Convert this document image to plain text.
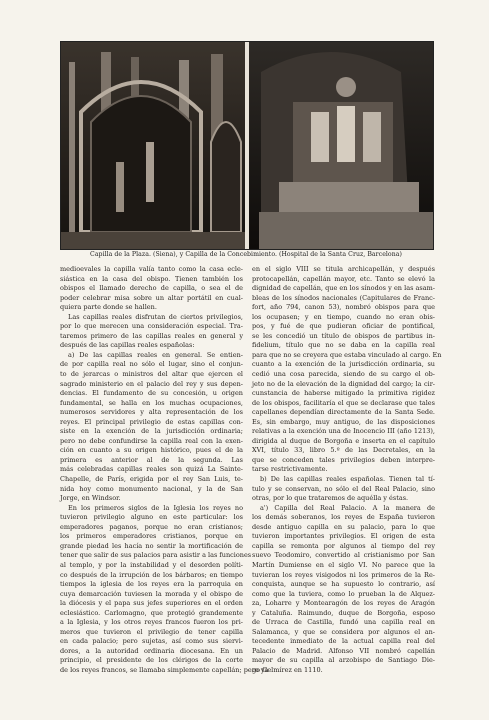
Capilla de la Plaza. (Siena), y Capilla de la Concebimiento. (Hospital de la Santa Cruz, Barcelona)

medioevales la capilla valía tanto como la casa ecle-
siástica en la casa del obispo. Tienen también los
obispos el llamado derecho de capilla, o sea el de
poder celebrar misa sobre un altar portátil en cual-
quiera parte donde se hallen.

Las capillas reales disfrutan de ciertos privilegios,
por lo que merecen una consideración especial. Tra-
taremos primero de las capillas reales en general y
después de las capillas reales españolas:

a) De las capillas reales en general. Se entien-
de por capilla real no sólo el lugar, sino el conjun-
to de jerarcas o ministros del altar que ejercen el
sagrado ministerio en el palacio del rey y sus depen-
dencias. El fundamento de su concesión, u origen
fundamental, se halla en los muchas ocupaciones,
numerosos servidores y alta representación de los
reyes. El principal privilegio de estas capillas con-
siste en la exención de la jurisdicción ordinaria;
pero no debe confundirse la capilla real con la exen-
ción en cuanto a su origen histórico, pues el de la
primera es anterior al de la segunda. Las
más celebradas capillas reales son quizá La Sainte-
Chapelle, de París, erigida por el rey San Luis, te-
nida hoy como monumento nacional, y la de San
Jorge, en Windsor.

En los primeros siglos de la Iglesia los reyes no
tuvieron privilegio alguno en este particular: los
emperadores paganos, porque no eran cristianos;
los primeros emperadores cristianos, porque en
grande piedad les hacía no sentir la mortificación de
tener que salir de sus palacios para asistir a las funciones
al templo, y por la instabilidad y el desorden políti-
co después de la irrupción de los bárbaros; en tiempo
tiempos la iglesia de los reyes era la parroquia en
cuya demarcación tuviesen la morada y el obispo de
la diócesis y el papa sus jefes superiores en el orden
eclesiástico. Carlomagno, que protegió grandemente
a la Iglesia, y los otros reyes francos fueron los pri-
meros que tuvieron el privilegio de tener capilla
en cada palacio; pero sujetas, así como sus siervi-
dores, a la autoridad ordinaria diocesana. En un
principio, el presidente de los clérigos de la corte
de los reyes francos, se llamaba simplemente capellán; pero ya

en el siglo VIII se titula archicapellán, y después
protocapellán, capellán mayor, etc. Tanto se elevó la
dignidad de capellán, que en los sínodos y en las asam-
bleas de los sínodos nacionales (Capitulares de Franc-
fort, año 794, canon 53), nombró obispos para que
los ocupasen; y en tiempo, cuando no eran obis-
pos, y fué de que pudieran oficiar de pontifical,
se les concedió un título de obispos de partibus in-
fidelium, título que no se daba en la capilla real
para que no se creyera que estaba vinculado al cargo. En
cuanto a la exención de la jurisdicción ordinaria, su
cedió una cosa parecida, siendo de su cargo el ob-
jeto no de la elevación de la dignidad del cargo; la cir-
cunstancia de haberse mitigado la primitiva rigidez
de los obispos, facilitaría el que se declarase que tales
capellanes dependían directamente de la Santa Sede.
Es, sin embargo, muy antiguo, de las disposiciones
relativas a la exención una de Inocencio III (año 1213),
dirigida al duque de Borgoña e inserta en el capítulo
XVI, título 33, libro 5.º de las Decretales, en la
que se conceden tales privilegios deben interpre-
tarse restrictivamente.

b) De las capillas reales españolas. Tienen tal tí-
tulo y se conservan, no sólo el del Real Palacio, sino
otras, por lo que trataremos de aquélla y éstas.

a') Capilla del Real Palacio. A la manera de
los demás soberanos, los reyes de España tuvieron
desde antiguo capilla en su palacio, para lo que
tuvieron importantes privilegios. El origen de esta
capilla se remonta por algunos al tiempo del rey
suevo Teodomiro, convertido al cristianismo por San
Martín Dumiense en el siglo VI. No parece que la
tuvieran los reyes visigodos ni los primeros de la Re-
conquista, aunque se ha supuesto lo contrario, así
como que la tuviera, como lo prueban la de Alquez-
za, Loharre y Montearagón de los reyes de Aragón
y Cataluña. Raimundo, duque de Borgoña, esposo
de Urraca de Castilla, fundó una capilla real en
Salamanca, y que se considera por algunos el an-
tecedente inmediato de la actual capilla real del
Palacio de Madrid. Alfonso VII nombró capellán
mayor de su capilla al arzobispo de Santiago Die-
go Gelmírez en 1110.
